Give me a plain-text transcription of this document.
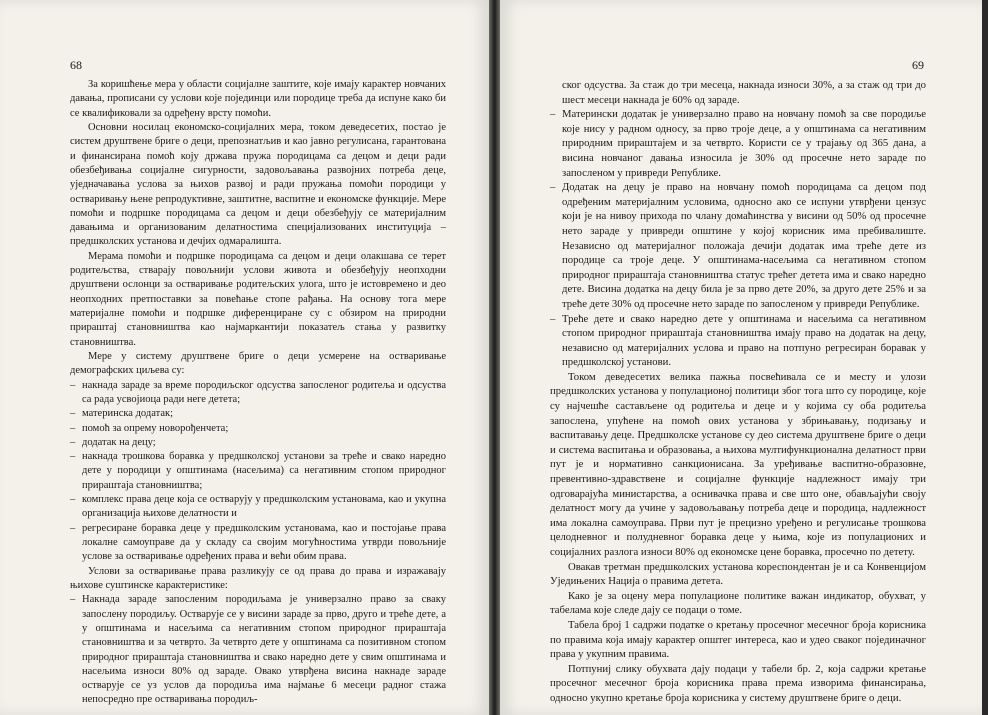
68

За коришћење мера у области социјалне заштите, које имају карактер новчаних давања, прописани су услови које појединци или породице треба да испуне како би се квалификовали за одређену врсту помоћи.

Основни носилац економско-социјалних мера, током деведесетих, постао је систем друштвене бриге о деци, препознатљив и као јавно регулисана, гарантована и финансирана помоћ коју држава пружа породицама са децом и деци ради обезбеђивања социјалне сигурности, задовољавања развојних потреба деце, уједначавања услова за њихов развој и ради пружања помоћи породици у остваривању њене репродуктивне, заштитне, васпитне и економске функције. Мере помоћи и подршке породицама са децом и деци обезбеђују се материјалним давањима и организованим делатностима специјализованих институција – предшколских установа и дечјих одмаралишта.

Мерама помоћи и подршке породицама са децом и деци олакшава се терет родитељства, стварају повољнији услови живота и обезбеђују неопходни друштвени ослонци за остваривање родитељских улога, што је истовремено и део неопходних претпоставки за повећање стопе рађања. На основу тога мере материјалне помоћи и подршке диференциране су с обзиром на природни прираштај становништва као најмаркантији показатељ стања у развитку становништва.

Мере у систему друштвене бриге о деци усмерене на остваривање демографских циљева су:

– накнада зараде за време породиљског одсуства запосленог родитеља и одсуства са рада усвојиоца ради неге детета;
– материнска додатак;
– помоћ за опрему новорођенчета;
– додатак на децу;
– накнада трошкова боравка у предшколској установи за треће и свако наредно дете у породици у општинама (насељима) са негативним стопом природног прираштаја становништва;
– комплекс права деце која се остварују у предшколским установама, као и укупна организација њихове делатности и
– регресиране боравка деце у предшколским установама, као и постојање права локалне самоуправе да у складу са својим могућностима утврди повољније услове за остваривање одређених права и већи обим права.

Услови за остваривање права разликују се од права до права и изражавају њихове суштинске карактеристике:

– Накнада зараде запосленим породиљама је универзално право за сваку запослену породиљу. Остварује се у висини зараде за прво, друго и треће дете, а у општинама и насељима са негативним стопом природног прираштаја становништва и за четврто. За четврто дете у општинама са позитивном стопом природног прираштаја становништва и свако наредно дете у свим општинама и насељима износи 80% од зараде. Овако утврђена висина накнаде зараде остварује се уз услов да породиља има најмање 6 месеци радног стажа непосредно пре остваривања породиљ-
69
ског одсуства. За стаж до три месеца, накнада износи 30%, а за стаж од три до шест месеци накнада је 60% од зараде.
– Матерински додатак је универзално право на новчану помоћ за све породиље које нису у радном односу, за прво троје деце, а у општинама са негативним природним прираштајем и за четврто. Користи се у трајању од 365 дана, а висина новчаног давања износила је 30% од просечне нето зараде по запосленом у привреди Републике.
– Додатак на децу је право на новчану помоћ породицама са децом под одређеним материјалним условима, односно ако се испуни утврђени цензус који је на нивоу прихода по члану домаћинства у висини од 50% од просечне нето зараде у привреди општине у којој корисник има пребивалиште. Независно од материјалног положаја дечији додатак има треће дете из породице са троје деце. У општинама-насељима са негативном стопом природног прираштаја становништва статус трећег детета има и свако наредно дете. Висина додатка на децу била је за прво дете 20%, за друго дете 25% и за треће дете 30% од просечне нето зараде по запосленом у привреди Републике.
– Треће дете и свако наредно дете у општинама и насељима са негативном стопом природног прираштаја становништва имају право на додатак на децу, независно од материјалних услова и право на потпуно регресиран боравак у предшколској установи.

Током деведесетих велика пажња посвећивала се и месту и улози предшколских установа у популационој политици због тога што су породице, које су најчешће састављене од родитеља и деце и у којима су оба родитеља запослена, упућене на помоћ ових установа у збрињавању, подизању и васпитавању деце. Предшколске установе су део система друштвене бриге о деци и система васпитања и образовања, а њихова мултифункционална делатност први пут је и нормативно санкционисана. За уређивање васпитно-образовне, превентивно-здравствене и социјалне функције надлежност имају три одговарајућа министарства, а оснивачка права и све што оне, обављајући своју делатност могу да учине у задовољавању потреба деце и породица, надлежност има локална самоуправа. Први пут је прецизно уређено и регулисање трошкова целодневног и полудневног боравка деце у њима, које из популационих и социјалних разлога износи 80% од економске цене боравка, просечно по детету.

Овакав третман предшколских установа кореспондентан је и са Конвенцијом Уједињених Нација о правима детета.

Како је за оцену мера популационе политике важан индикатор, обухват, у табелама које следе дају се подаци о томе.

Табела број 1 садржи податке о кретању просечног месечног броја корисника по правима која имају карактер општег интереса, као и удео сваког појединачног права у укупним правима.

Потпуниј слику обухвата дају подаци у табели бр. 2, која садржи кретање просечног месечног броја корисника права према изворима финансирања, односно укупно кретање броја корисника у систему друштвене бриге о деци.
